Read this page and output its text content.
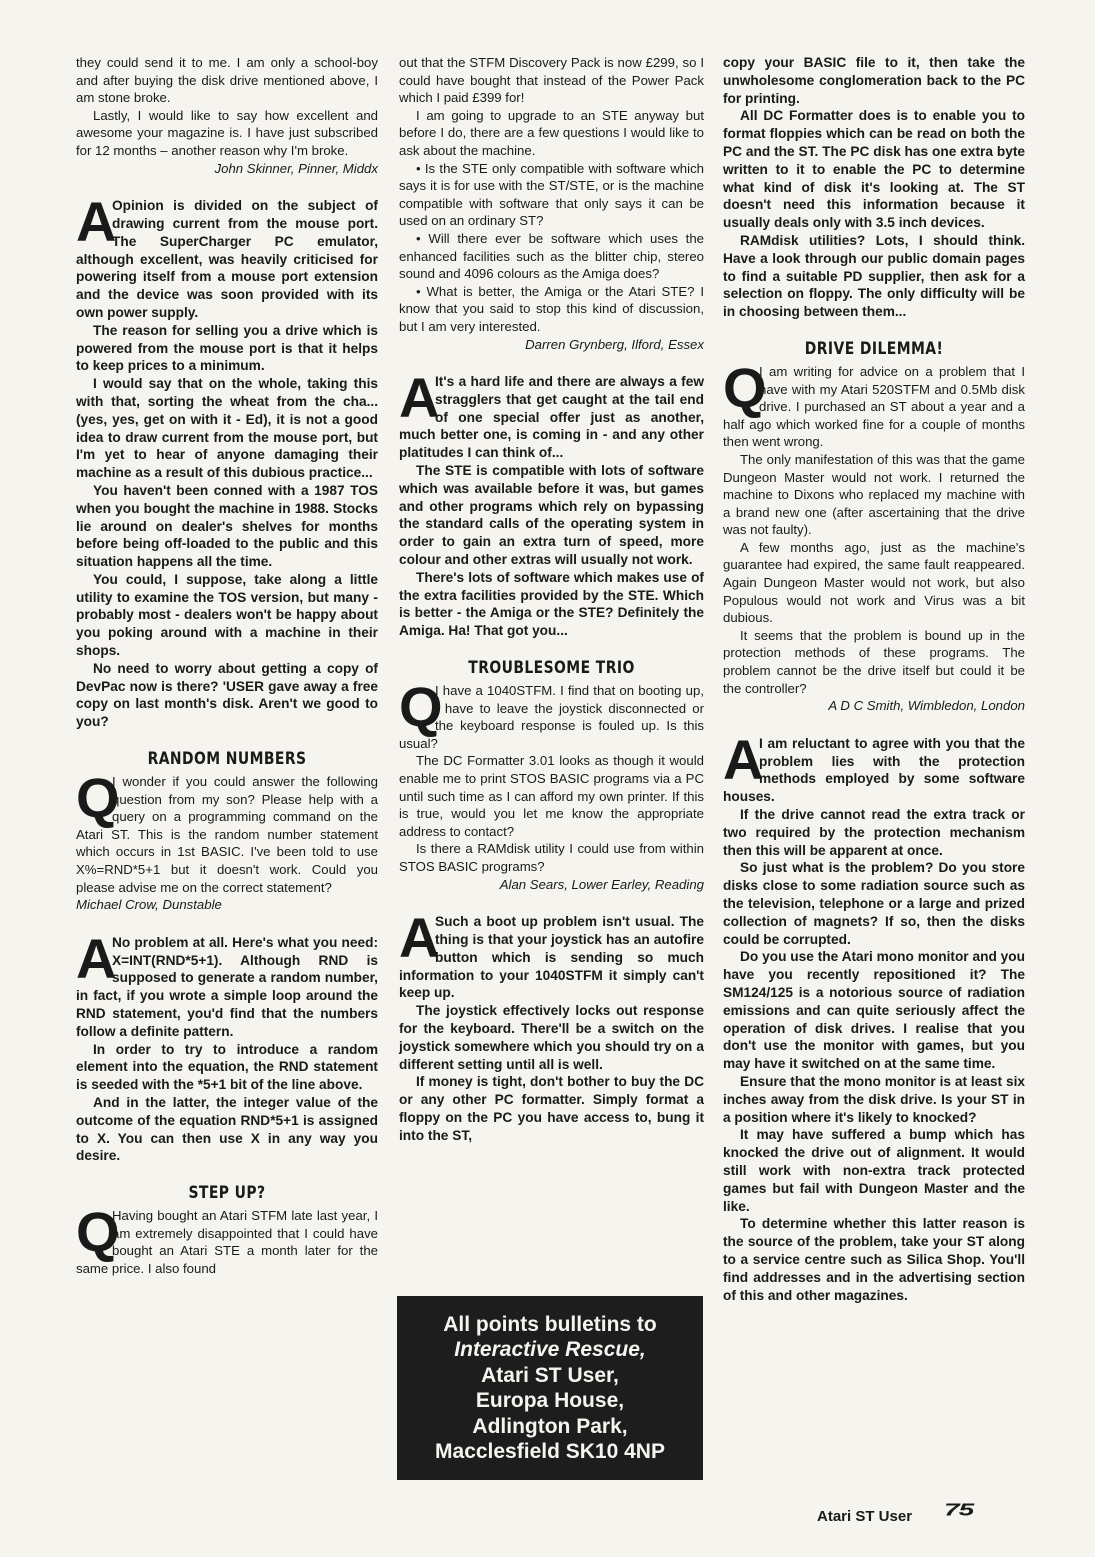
they could send it to me. I am only a school-boy and after buying the disk drive mentioned above, I am stone broke.

Lastly, I would like to say how excellent and awesome your magazine is. I have just subscribed for 12 months – another reason why I'm broke.

John Skinner, Pinner, Middx
A

Opinion is divided on the subject of drawing current from the mouse port. The SuperCharger PC emulator, although excellent, was heavily criticised for powering itself from a mouse port extension and the device was soon provided with its own power supply.

The reason for selling you a drive which is powered from the mouse port is that it helps to keep prices to a minimum.

I would say that on the whole, taking this with that, sorting the wheat from the cha...(yes, yes, get on with it - Ed), it is not a good idea to draw current from the mouse port, but I'm yet to hear of anyone damaging their machine as a result of this dubious practice...

You haven't been conned with a 1987 TOS when you bought the machine in 1988. Stocks lie around on dealer's shelves for months before being off-loaded to the public and this situation happens all the time.

You could, I suppose, take along a little utility to examine the TOS version, but many - probably most - dealers won't be happy about you poking around with a machine in their shops.

No need to worry about getting a copy of DevPac now is there? 'USER gave away a free copy on last month's disk. Aren't we good to you?

RANDOM NUMBERS
Q

I wonder if you could answer the following question from my son? Please help with a query on a programming command on the Atari ST. This is the random number statement which occurs in 1st BASIC. I've been told to use X%=RND*5+1 but it doesn't work. Could you please advise me on the correct statement?

Michael Crow, Dunstable
A

No problem at all. Here's what you need: X=INT(RND*5+1). Although RND is supposed to generate a random number, in fact, if you wrote a simple loop around the RND statement, you'd find that the numbers follow a definite pattern.

In order to try to introduce a random element into the equation, the RND statement is seeded with the *5+1 bit of the line above.

And in the latter, the integer value of the outcome of the equation RND*5+1 is assigned to X. You can then use X in any way you desire.

STEP UP?
Q

Having bought an Atari STFM late last year, I am extremely disappointed that I could have bought an Atari STE a month later for the same price. I also found

out that the STFM Discovery Pack is now £299, so I could have bought that instead of the Power Pack which I paid £399 for!

I am going to upgrade to an STE anyway but before I do, there are a few questions I would like to ask about the machine.

• Is the STE only compatible with software which says it is for use with the ST/STE, or is the machine compatible with software that only says it can be used on an ordinary ST?

• Will there ever be software which uses the enhanced facilities such as the blitter chip, stereo sound and 4096 colours as the Amiga does?

• What is better, the Amiga or the Atari STE? I know that you said to stop this kind of discussion, but I am very interested.

Darren Grynberg, Ilford, Essex
A

It's a hard life and there are always a few stragglers that get caught at the tail end of one special offer just as another, much better one, is coming in - and any other platitudes I can think of...

The STE is compatible with lots of software which was available before it was, but games and other programs which rely on bypassing the standard calls of the operating system in order to gain an extra turn of speed, more colour and other extras will usually not work.

There's lots of software which makes use of the extra facilities provided by the STE. Which is better - the Amiga or the STE? Definitely the Amiga. Ha! That got you...

TROUBLESOME TRIO
Q

I have a 1040STFM. I find that on booting up, I have to leave the joystick disconnected or the keyboard response is fouled up. Is this usual?

The DC Formatter 3.01 looks as though it would enable me to print STOS BASIC programs via a PC until such time as I can afford my own printer. If this is true, would you let me know the appropriate address to contact?

Is there a RAMdisk utility I could use from within STOS BASIC programs?

Alan Sears, Lower Earley, Reading
A

Such a boot up problem isn't usual. The thing is that your joystick has an autofire button which is sending so much information to your 1040STFM it simply can't keep up.

The joystick effectively locks out response for the keyboard. There'll be a switch on the joystick somewhere which you should try on a different setting until all is well.

If money is tight, don't bother to buy the DC or any other PC formatter. Simply format a floppy on the PC you have access to, bung it into the ST,

All points bulletins to
Interactive Rescue,
Atari ST User,
Europa House,
Adlington Park,
Macclesfield SK10 4NP

copy your BASIC file to it, then take the unwholesome conglomeration back to the PC for printing.

All DC Formatter does is to enable you to format floppies which can be read on both the PC and the ST. The PC disk has one extra byte written to it to enable the PC to determine what kind of disk it's looking at. The ST doesn't need this information because it usually deals only with 3.5 inch devices.

RAMdisk utilities? Lots, I should think. Have a look through our public domain pages to find a suitable PD supplier, then ask for a selection on floppy. The only difficulty will be in choosing between them...

DRIVE DILEMMA!
Q

I am writing for advice on a problem that I have with my Atari 520STFM and 0.5Mb disk drive. I purchased an ST about a year and a half ago which worked fine for a couple of months then went wrong.

The only manifestation of this was that the game Dungeon Master would not work. I returned the machine to Dixons who replaced my machine with a brand new one (after ascertaining that the drive was not faulty).

A few months ago, just as the machine's guarantee had expired, the same fault reappeared. Again Dungeon Master would not work, but also Populous would not work and Virus was a bit dubious.

It seems that the problem is bound up in the protection methods of these programs. The problem cannot be the drive itself but could it be the controller?

A D C Smith, Wimbledon, London
A

I am reluctant to agree with you that the problem lies with the protection methods employed by some software houses.

If the drive cannot read the extra track or two required by the protection mechanism then this will be apparent at once.

So just what is the problem? Do you store disks close to some radiation source such as the television, telephone or a large and prized collection of magnets? If so, then the disks could be corrupted.

Do you use the Atari mono monitor and you have you recently repositioned it? The SM124/125 is a notorious source of radiation emissions and can quite seriously affect the operation of disk drives. I realise that you don't use the monitor with games, but you may have it switched on at the same time.

Ensure that the mono monitor is at least six inches away from the disk drive. Is your ST in a position where it's likely to knocked?

It may have suffered a bump which has knocked the drive out of alignment. It would still work with non-extra track protected games but fail with Dungeon Master and the like.

To determine whether this latter reason is the source of the problem, take your ST along to a service centre such as Silica Shop. You'll find addresses and in the advertising section of this and other magazines.

Atari ST User 75
